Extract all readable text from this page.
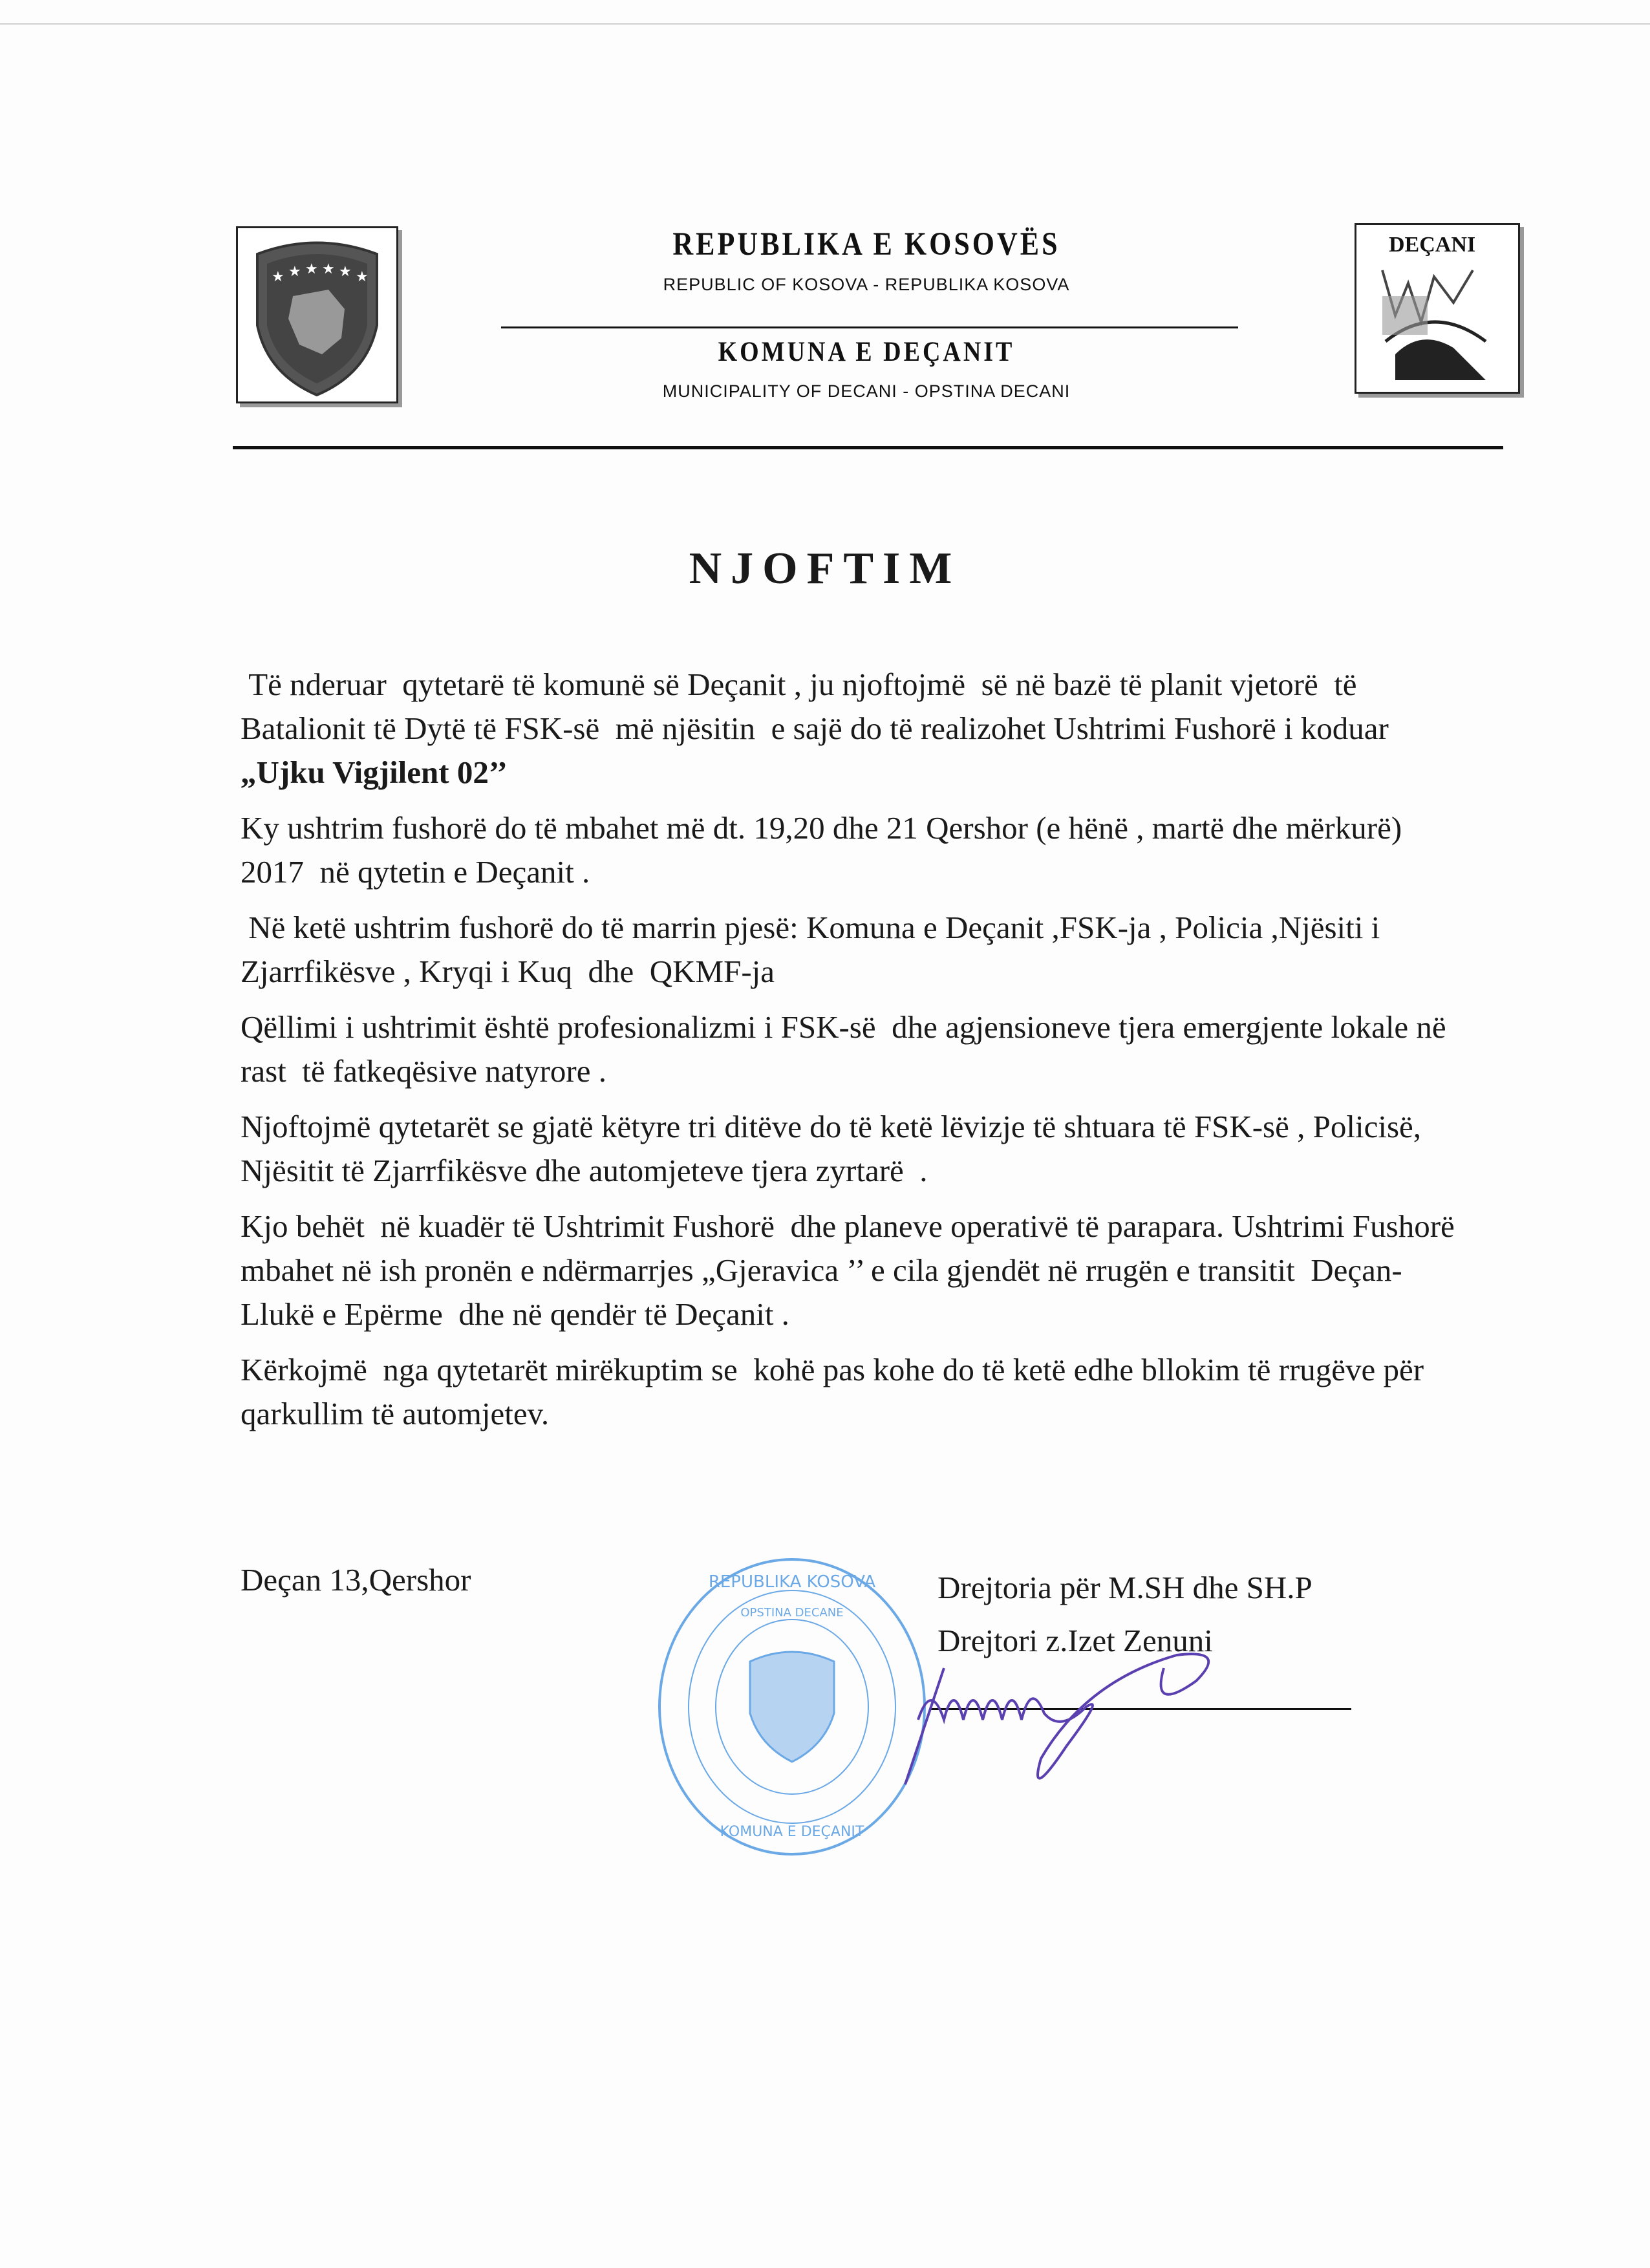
★ ★ ★ ★ ★ ★
REPUBLIKA E KOSOVËS
REPUBLIC OF KOSOVA - REPUBLIKA KOSOVA
KOMUNA E DEÇANIT
MUNICIPALITY OF DECANI - OPSTINA DECANI
DEÇANI
NJOFTIM

Të nderuar  qytetarë të komunë së Deçanit , ju njoftojmë  së në bazë të planit vjetorë  të Batalionit të Dytë të FSK-së  më njësitin  e sajë do të realizohet Ushtrimi Fushorë i koduar „Ujku Vigjilent 02’’

Ky ushtrim fushorë do të mbahet më dt. 19,20 dhe 21 Qershor (e hënë , martë dhe mërkurë)  2017  në qytetin e Deçanit .

Në ketë ushtrim fushorë do të marrin pjesë: Komuna e Deçanit ,FSK-ja , Policia ,Njësiti i Zjarrfikësve , Kryqi i Kuq  dhe  QKMF-ja

Qëllimi i ushtrimit është profesionalizmi i FSK-së  dhe agjensioneve tjera emergjente lokale në rast  të fatkeqësive natyrore .

Njoftojmë qytetarët se gjatë këtyre tri ditëve do të ketë lëvizje të shtuara të FSK-së , Policisë, Njësitit të Zjarrfikësve dhe automjeteve tjera zyrtarë  .

Kjo behët  në kuadër të Ushtrimit Fushorë  dhe planeve operativë të parapara. Ushtrimi Fushorë mbahet në ish pronën e ndërmarrjes „Gjeravica ’’ e cila gjendët në rrugën e transitit  Deçan-Llukë e Epërme  dhe në qendër të Deçanit .

Kërkojmë  nga qytetarët mirëkuptim se  kohë pas kohe do të ketë edhe bllokim të rrugëve për qarkullim të automjetev.

Deçan 13,Qershor	REPUBLIKA KOSOVA
OPSTINA DECANE
KOMUNA E DEÇANIT
Drejtoria për M.SH dhe SH.P
Drejtori z.Izet Zenuni
